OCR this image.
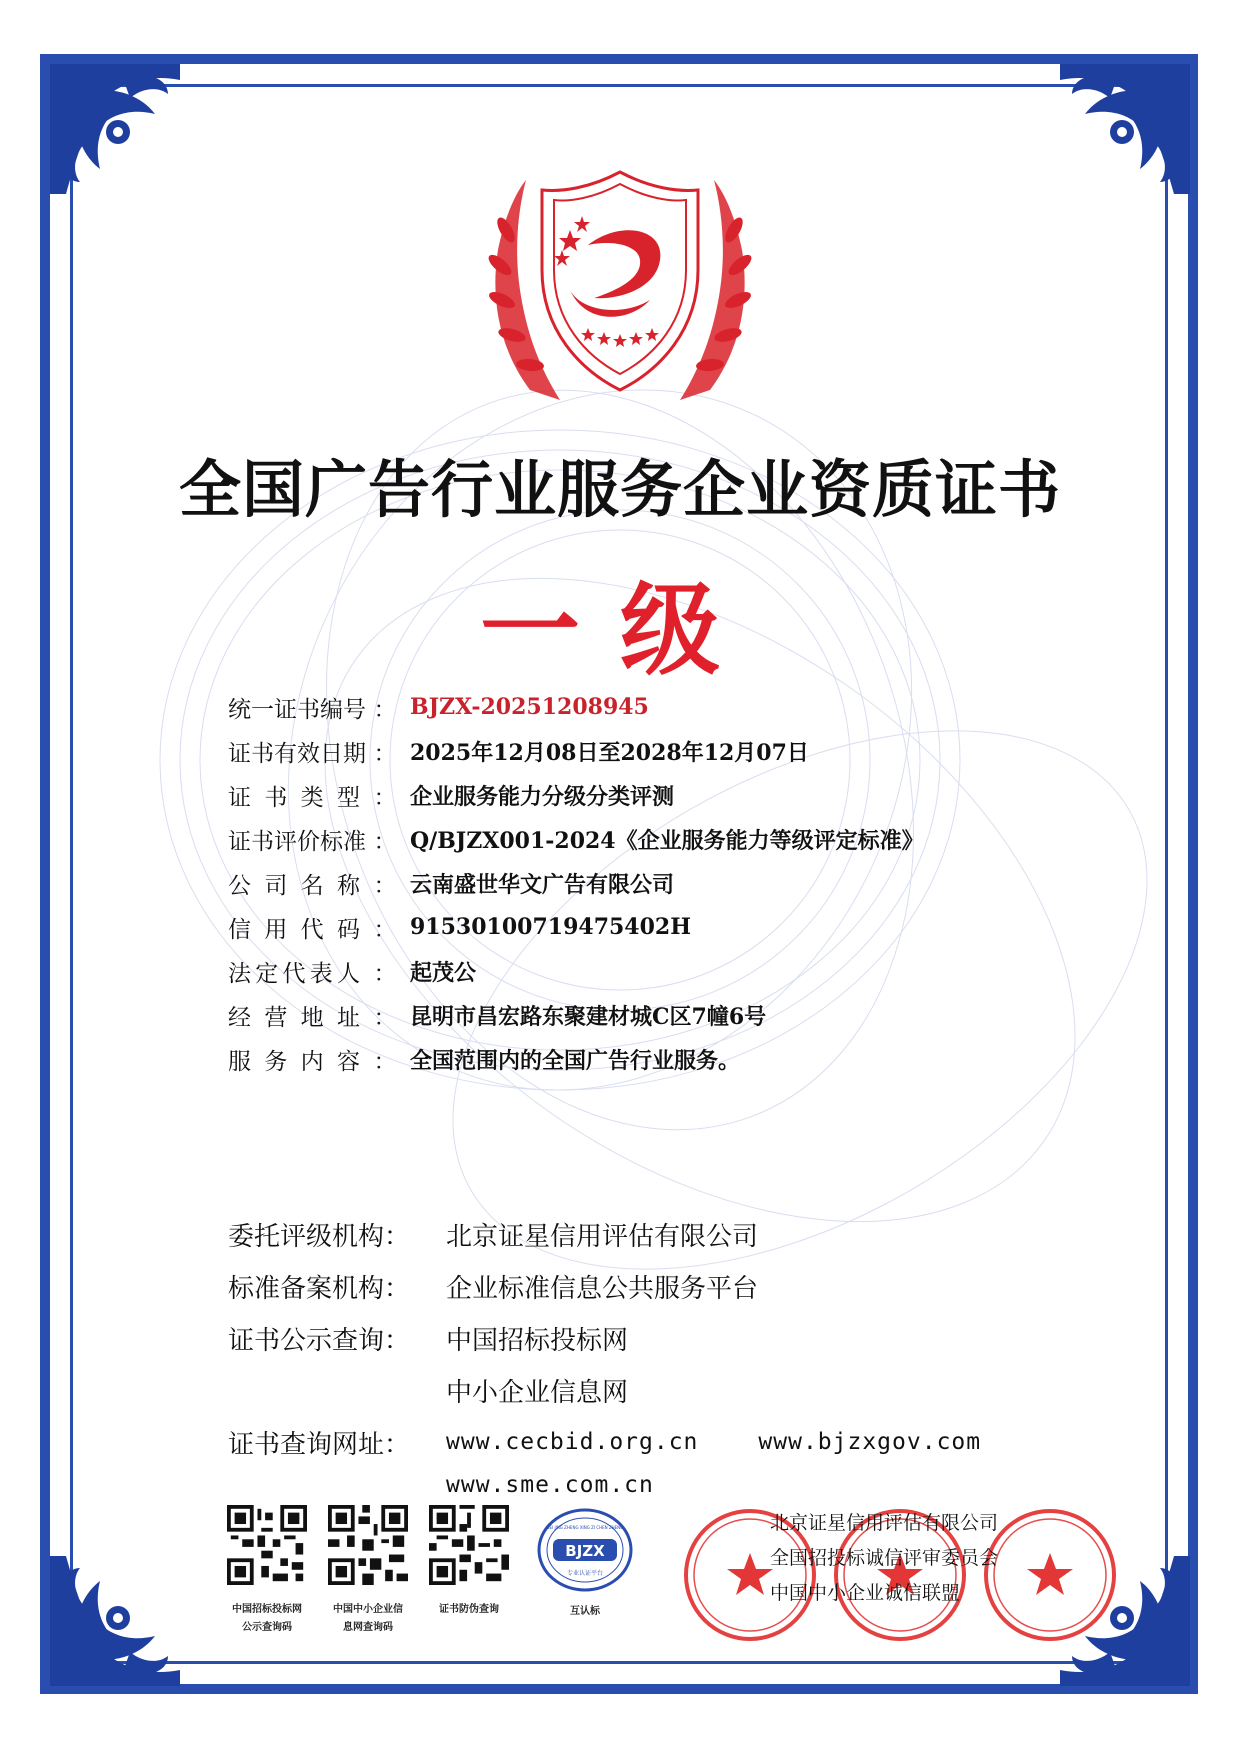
全国广告行业服务企业资质证书
一级
统 一 证 书 编 号 ： BJZX-20251208945
证 书 有 效 日 期 ： 2025年12月08日至2028年12月07日
证 书 类 型 ： 企业服务能力分级分类评测
证 书 评 价 标 准 ： Q/BJZX001-2024《企业服务能力等级评定标准》
公 司 名 称 ： 云南盛世华文广告有限公司
信 用 代 码 ： 91530100719475402H
法 定 代 表 人 ： 起茂公
经 营 地 址 ： 昆明市昌宏路东聚建材城C区7幢6号
服 务 内 容 ： 全国范围内的全国广告行业服务。
委托评级机构：	北京证星信用评估有限公司
标准备案机构：	企业标准信息公共服务平台
证书公示查询：	中国招标投标网
中小企业信息网
证书查询网址：	www.cecbid.org.cn	www.bjzxgov.com
www.sme.com.cn
中国招标投标网
公示查询码
中国中小企业信
息网查询码
证书防伪查询
BJZX
专业认证平台
BEI JING ZHENG XING ZI CHEN ZHENG
互认标
北京证星信用评估有限公司
全国招投标诚信评审委员会
中国中小企业诚信联盟
